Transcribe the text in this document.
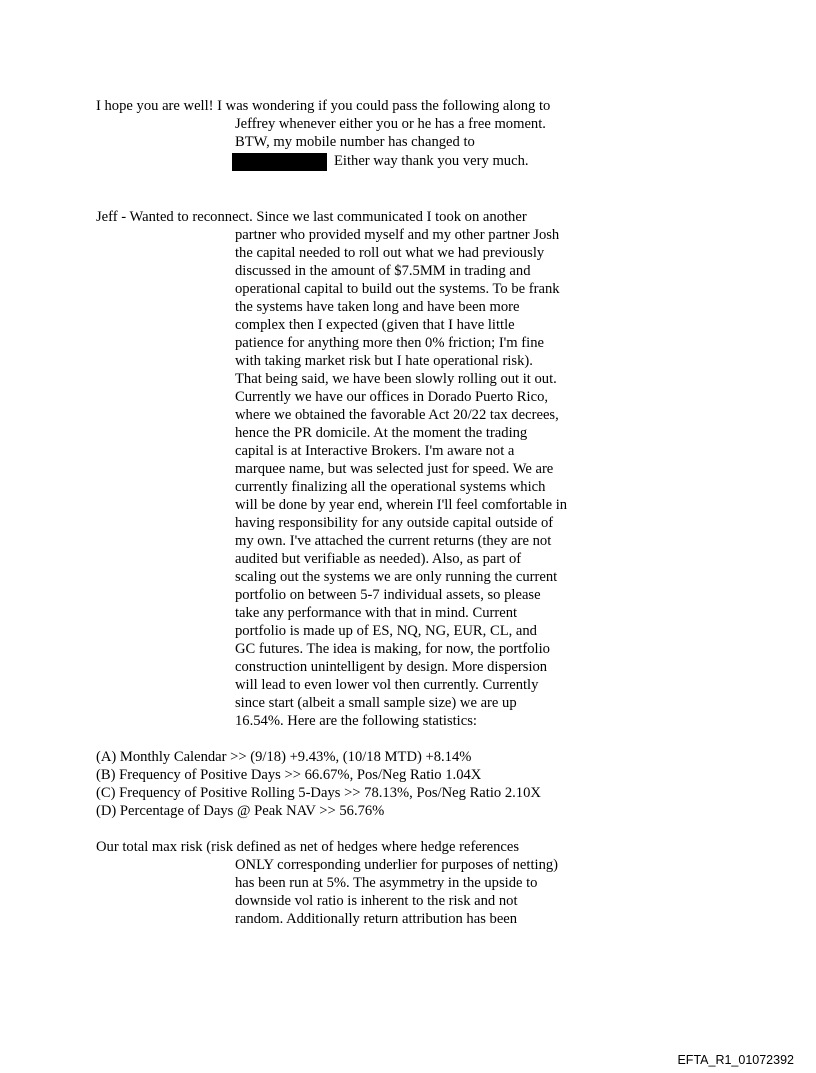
I hope you are well! I was wondering if you could pass the following along to
Jeffrey whenever either you or he has a free moment.
BTW, my mobile number has changed to
Either way thank you very much.
Jeff - Wanted to reconnect. Since we last communicated I took on another
partner who provided myself and my other partner Josh
the capital needed to roll out what we had previously
discussed in the amount of $7.5MM in trading and
operational capital to build out the systems. To be frank
the systems have taken long and have been more
complex then I expected (given that I have little
patience for anything more then 0% friction; I'm fine
with taking market risk but I hate operational risk).
That being said, we have been slowly rolling out it out.
Currently we have our offices in Dorado Puerto Rico,
where we obtained the favorable Act 20/22 tax decrees,
hence the PR domicile. At the moment the trading
capital is at Interactive Brokers. I'm aware not a
marquee name, but was selected just for speed. We are
currently finalizing all the operational systems which
will be done by year end, wherein I'll feel comfortable in
having responsibility for any outside capital outside of
my own. I've attached the current returns (they are not
audited but verifiable as needed). Also, as part of
scaling out the systems we are only running the current
portfolio on between 5-7 individual assets, so please
take any performance with that in mind. Current
portfolio is made up of ES, NQ, NG, EUR, CL, and
GC futures. The idea is making, for now, the portfolio
construction unintelligent by design. More dispersion
will lead to even lower vol then currently. Currently
since start (albeit a small sample size) we are up
16.54%. Here are the following statistics:
(A) Monthly Calendar >> (9/18) +9.43%, (10/18 MTD) +8.14%
(B) Frequency of Positive Days >> 66.67%, Pos/Neg Ratio 1.04X
(C) Frequency of Positive Rolling 5-Days >> 78.13%, Pos/Neg Ratio 2.10X
(D) Percentage of Days @ Peak NAV >> 56.76%
Our total max risk (risk defined as net of hedges where hedge references
ONLY corresponding underlier for purposes of netting)
has been run at 5%. The asymmetry in the upside to
downside vol ratio is inherent to the risk and not
random. Additionally return attribution has been
EFTA_R1_01072392
